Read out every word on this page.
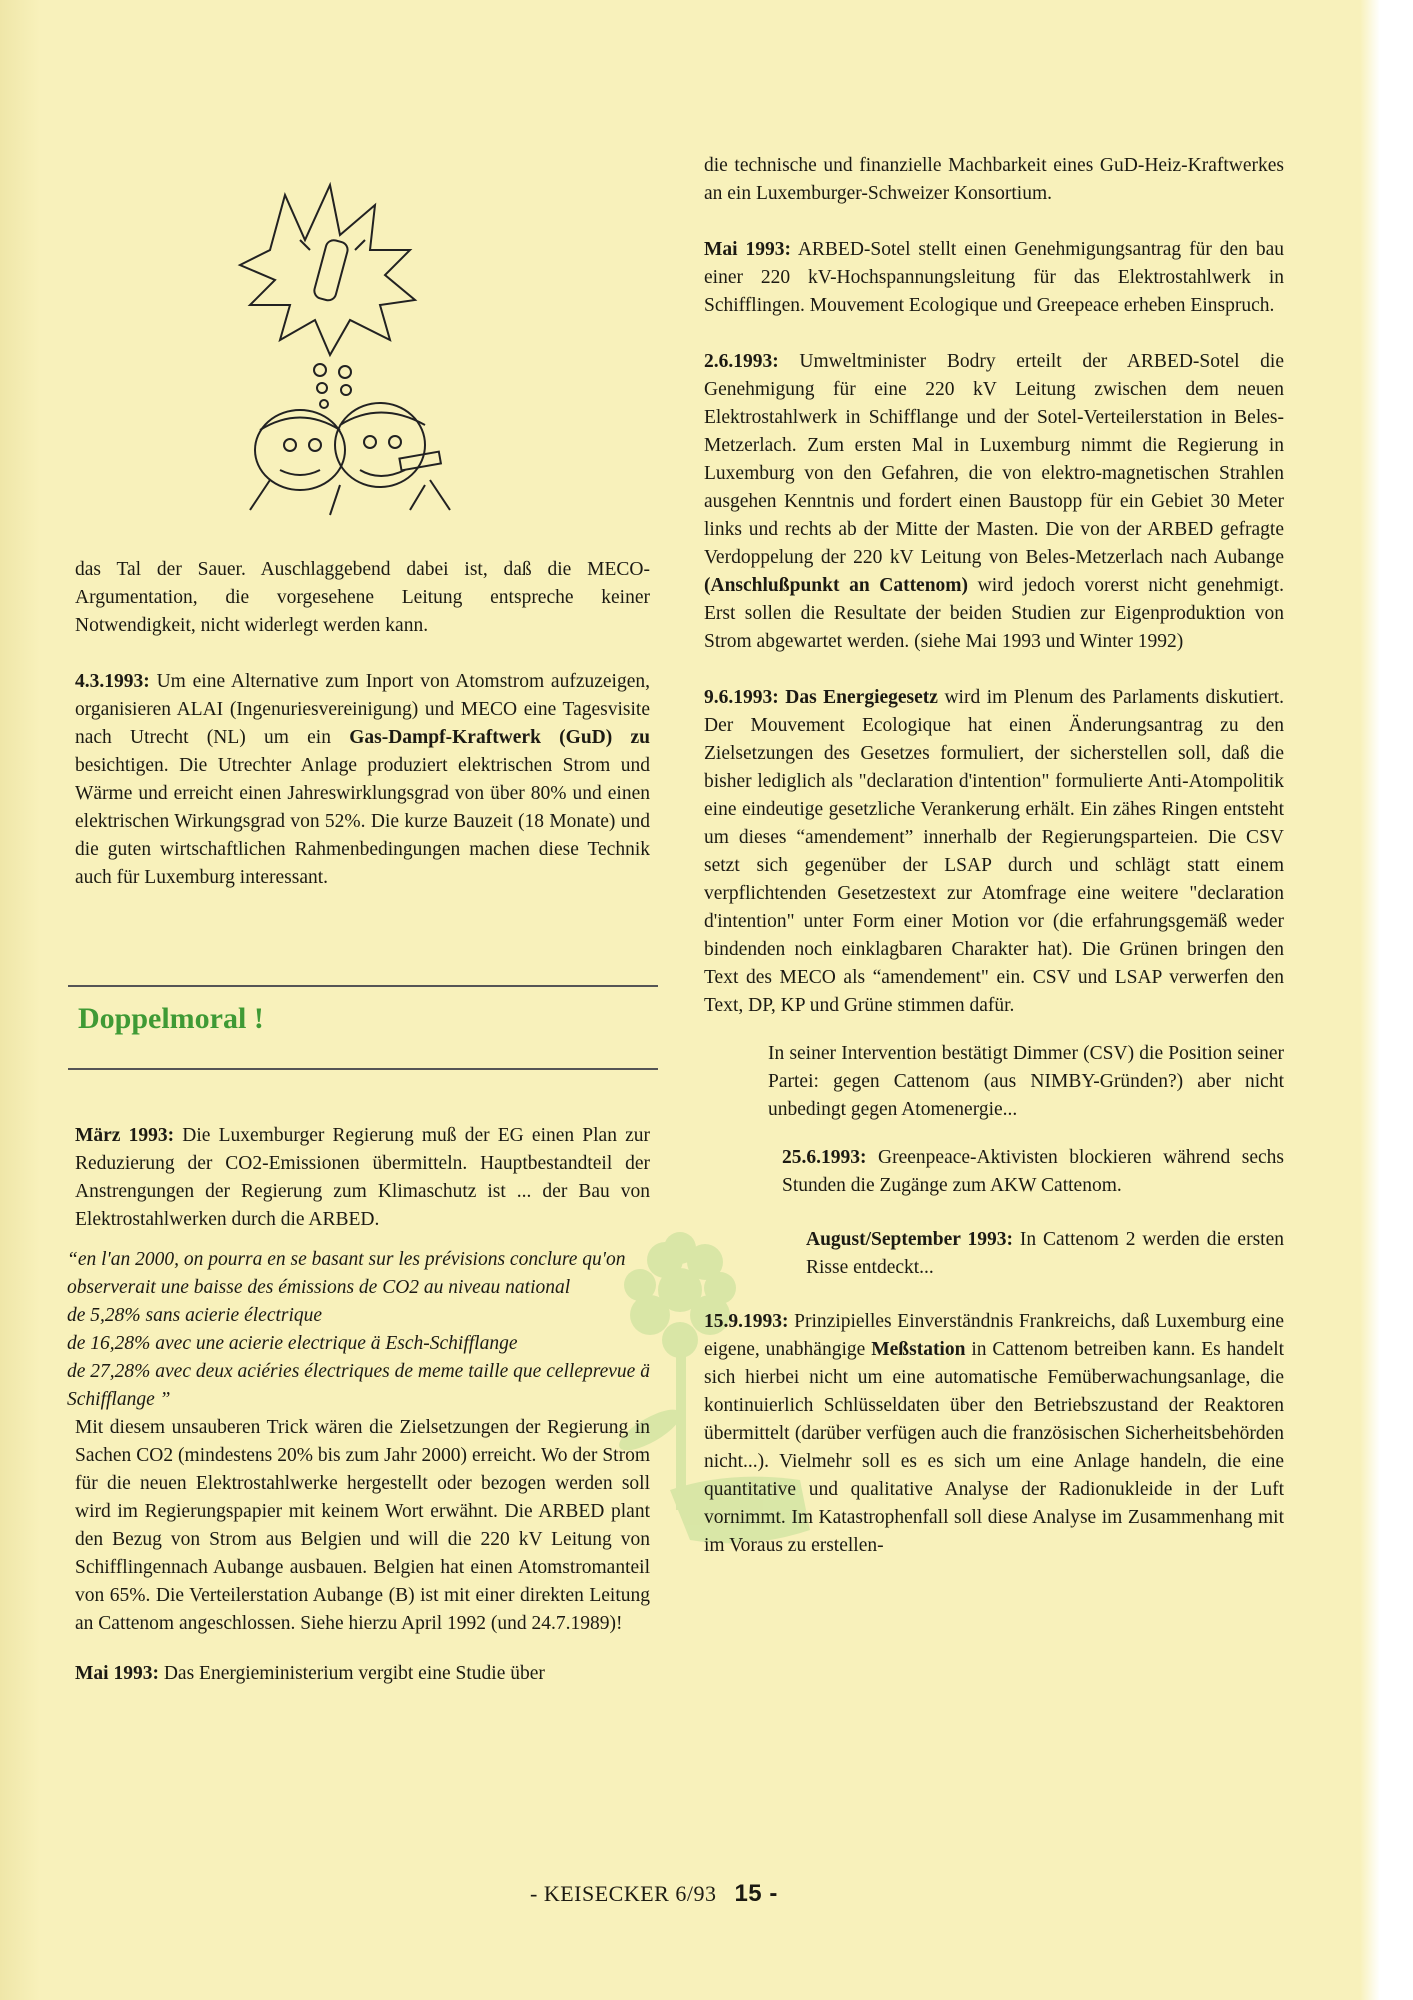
die technische und finanzielle Machbarkeit eines GuD-Heiz-Kraftwerkes an ein Luxemburger-Schweizer Konsortium.

Mai 1993: ARBED-Sotel stellt einen Genehmigungsantrag für den bau einer 220 kV-Hochspannungsleitung für das Elektrostahlwerk in Schifflingen. Mouvement Ecologique und Greepeace erheben Einspruch.

2.6.1993: Umweltminister Bodry erteilt der ARBED-Sotel die Genehmigung für eine 220 kV Leitung zwischen dem neuen Elektrostahlwerk in Schifflange und der Sotel-Verteilerstation in Beles-Metzerlach. Zum ersten Mal in Luxemburg nimmt die Regierung in Luxemburg von den Gefahren, die von elektro-magnetischen Strahlen ausgehen Kenntnis und fordert einen Baustopp für ein Gebiet 30 Meter links und rechts ab der Mitte der Masten. Die von der ARBED gefragte Verdoppelung der 220 kV Leitung von Beles-Metzerlach nach Aubange (Anschlußpunkt an Cattenom) wird jedoch vorerst nicht genehmigt. Erst sollen die Resultate der beiden Studien zur Eigenproduktion von Strom abgewartet werden. (siehe Mai 1993 und Winter 1992)

9.6.1993: Das Energiegesetz wird im Plenum des Parlaments diskutiert. Der Mouvement Ecologique hat einen Änderungsantrag zu den Zielsetzungen des Gesetzes formuliert, der sicherstellen soll, daß die bisher lediglich als "declaration d'intention" formulierte Anti-Atompolitik eine eindeutige gesetzliche Verankerung erhält. Ein zähes Ringen entsteht um dieses “amendement” innerhalb der Regierungsparteien. Die CSV setzt sich gegenüber der LSAP durch und schlägt statt einem verpflichtenden Gesetzestext zur Atomfrage eine weitere "declaration d'intention" unter Form einer Motion vor (die erfahrungsgemäß weder bindenden noch einklagbaren Charakter hat). Die Grünen bringen den Text des MECO als “amendement" ein. CSV und LSAP verwerfen den Text, DP, KP und Grüne stimmen dafür.

In seiner Intervention bestätigt Dimmer (CSV) die Position seiner Partei: gegen Cattenom (aus NIMBY-Gründen?) aber nicht unbedingt gegen Atomenergie...

25.6.1993: Greenpeace-Aktivisten blockieren während sechs Stunden die Zugänge zum AKW Cattenom.

August/September 1993: In Cattenom 2 werden die ersten Risse entdeckt...

15.9.1993: Prinzipielles Einverständnis Frankreichs, daß Luxemburg eine eigene, unabhängige Meßstation in Cattenom betreiben kann. Es handelt sich hierbei nicht um eine automatische Femüberwachungsanlage, die kontinuierlich Schlüsseldaten über den Betriebszustand der Reaktoren übermittelt (darüber verfügen auch die französischen Sicherheitsbehörden nicht...). Vielmehr soll es es sich um eine Anlage handeln, die eine quantitative und qualitative Analyse der Radionukleide in der Luft vornimmt. Im Katastrophenfall soll diese Analyse im Zusammenhang mit im Voraus zu erstellen-

das Tal der Sauer. Auschlaggebend dabei ist, daß die MECO-Argumentation, die vorgesehene Leitung entspreche keiner Notwendigkeit, nicht widerlegt werden kann.

4.3.1993: Um eine Alternative zum Inport von Atomstrom aufzuzeigen, organisieren ALAI (Ingenuriesvereinigung) und MECO eine Tagesvisite nach Utrecht (NL) um ein Gas-Dampf-Kraftwerk (GuD) zu besichtigen. Die Utrechter Anlage produziert elektrischen Strom und Wärme und erreicht einen Jahreswirklungsgrad von über 80% und einen elektrischen Wirkungsgrad von 52%. Die kurze Bauzeit (18 Monate) und die guten wirtschaftlichen Rahmenbedingungen machen diese Technik auch für Luxemburg interessant.

Doppelmoral !

März 1993: Die Luxemburger Regierung muß der EG einen Plan zur Reduzierung der CO2-Emissionen übermitteln. Hauptbestandteil der Anstrengungen der Regierung zum Klimaschutz ist ... der Bau von Elektrostahlwerken durch die ARBED.

“en l'an 2000, on pourra en se basant sur les prévisions conclure qu'on observerait une baisse des émissions de CO2 au niveau national

de 5,28% sans acierie électrique

de 16,28% avec une acierie electrique ä Esch-Schifflange

de 27,28% avec deux aciéries électriques de meme taille que celleprevue ä Schifflange ”

Mit diesem unsauberen Trick wären die Zielsetzungen der Regierung in Sachen CO2 (mindestens 20% bis zum Jahr 2000) erreicht. Wo der Strom für die neuen Elektrostahlwerke hergestellt oder bezogen werden soll wird im Regierungspapier mit keinem Wort erwähnt. Die ARBED plant den Bezug von Strom aus Belgien und will die 220 kV Leitung von Schifflingennach Aubange ausbauen. Belgien hat einen Atomstromanteil von 65%. Die Verteilerstation Aubange (B) ist mit einer direkten Leitung an Cattenom angeschlossen. Siehe hierzu April 1992 (und 24.7.1989)!

Mai 1993: Das Energieministerium vergibt eine Studie über

- KEISECKER 6/93 15 -
